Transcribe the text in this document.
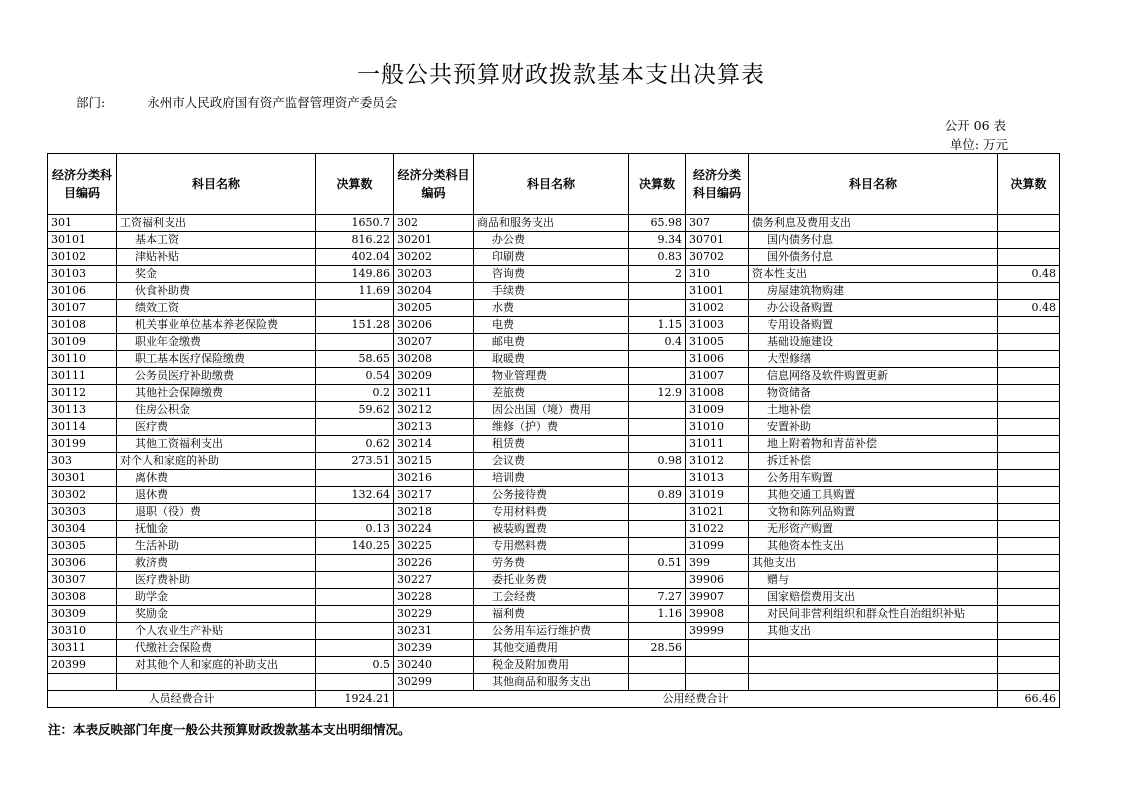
一般公共预算财政拨款基本支出决算表
部门:	永州市人民政府国有资产监督管理资产委员会
公开 06 表
单位: 万元
经济分类科目编码	科目名称	决算数	经济分类科目编码	科目名称	决算数	经济分类科目编码	科目名称	决算数
301	工资福利支出	1650.7	302	商品和服务支出	65.98	307	债务利息及费用支出	
30101	基本工资	816.22	30201	办公费	9.34	30701	国内债务付息	
30102	津贴补贴	402.04	30202	印刷费	0.83	30702	国外债务付息	
30103	奖金	149.86	30203	咨询费	2	310	资本性支出	0.48
30106	伙食补助费	11.69	30204	手续费		31001	房屋建筑物购建	
30107	绩效工资		30205	水费		31002	办公设备购置	0.48
30108	机关事业单位基本养老保险费	151.28	30206	电费	1.15	31003	专用设备购置	
30109	职业年金缴费		30207	邮电费	0.4	31005	基础设施建设	
30110	职工基本医疗保险缴费	58.65	30208	取暖费		31006	大型修缮	
30111	公务员医疗补助缴费	0.54	30209	物业管理费		31007	信息网络及软件购置更新	
30112	其他社会保障缴费	0.2	30211	差旅费	12.9	31008	物资储备	
30113	住房公积金	59.62	30212	因公出国（境）费用		31009	土地补偿	
30114	医疗费		30213	维修（护）费		31010	安置补助	
30199	其他工资福利支出	0.62	30214	租赁费		31011	地上附着物和青苗补偿	
303	对个人和家庭的补助	273.51	30215	会议费	0.98	31012	拆迁补偿	
30301	离休费		30216	培训费		31013	公务用车购置	
30302	退休费	132.64	30217	公务接待费	0.89	31019	其他交通工具购置	
30303	退职（役）费		30218	专用材料费		31021	文物和陈列品购置	
30304	抚恤金	0.13	30224	被装购置费		31022	无形资产购置	
30305	生活补助	140.25	30225	专用燃料费		31099	其他资本性支出	
30306	救济费		30226	劳务费	0.51	399	其他支出	
30307	医疗费补助		30227	委托业务费		39906	赠与	
30308	助学金		30228	工会经费	7.27	39907	国家赔偿费用支出	
30309	奖励金		30229	福利费	1.16	39908	对民间非营利组织和群众性自治组织补贴	
30310	个人农业生产补贴		30231	公务用车运行维护费		39999	其他支出	
30311	代缴社会保险费		30239	其他交通费用	28.56			
20399	对其他个人和家庭的补助支出	0.5	30240	税金及附加费用				
			30299	其他商品和服务支出				
人员经费合计		1924.21	公用经费合计					66.46
注：本表反映部门年度一般公共预算财政拨款基本支出明细情况。
